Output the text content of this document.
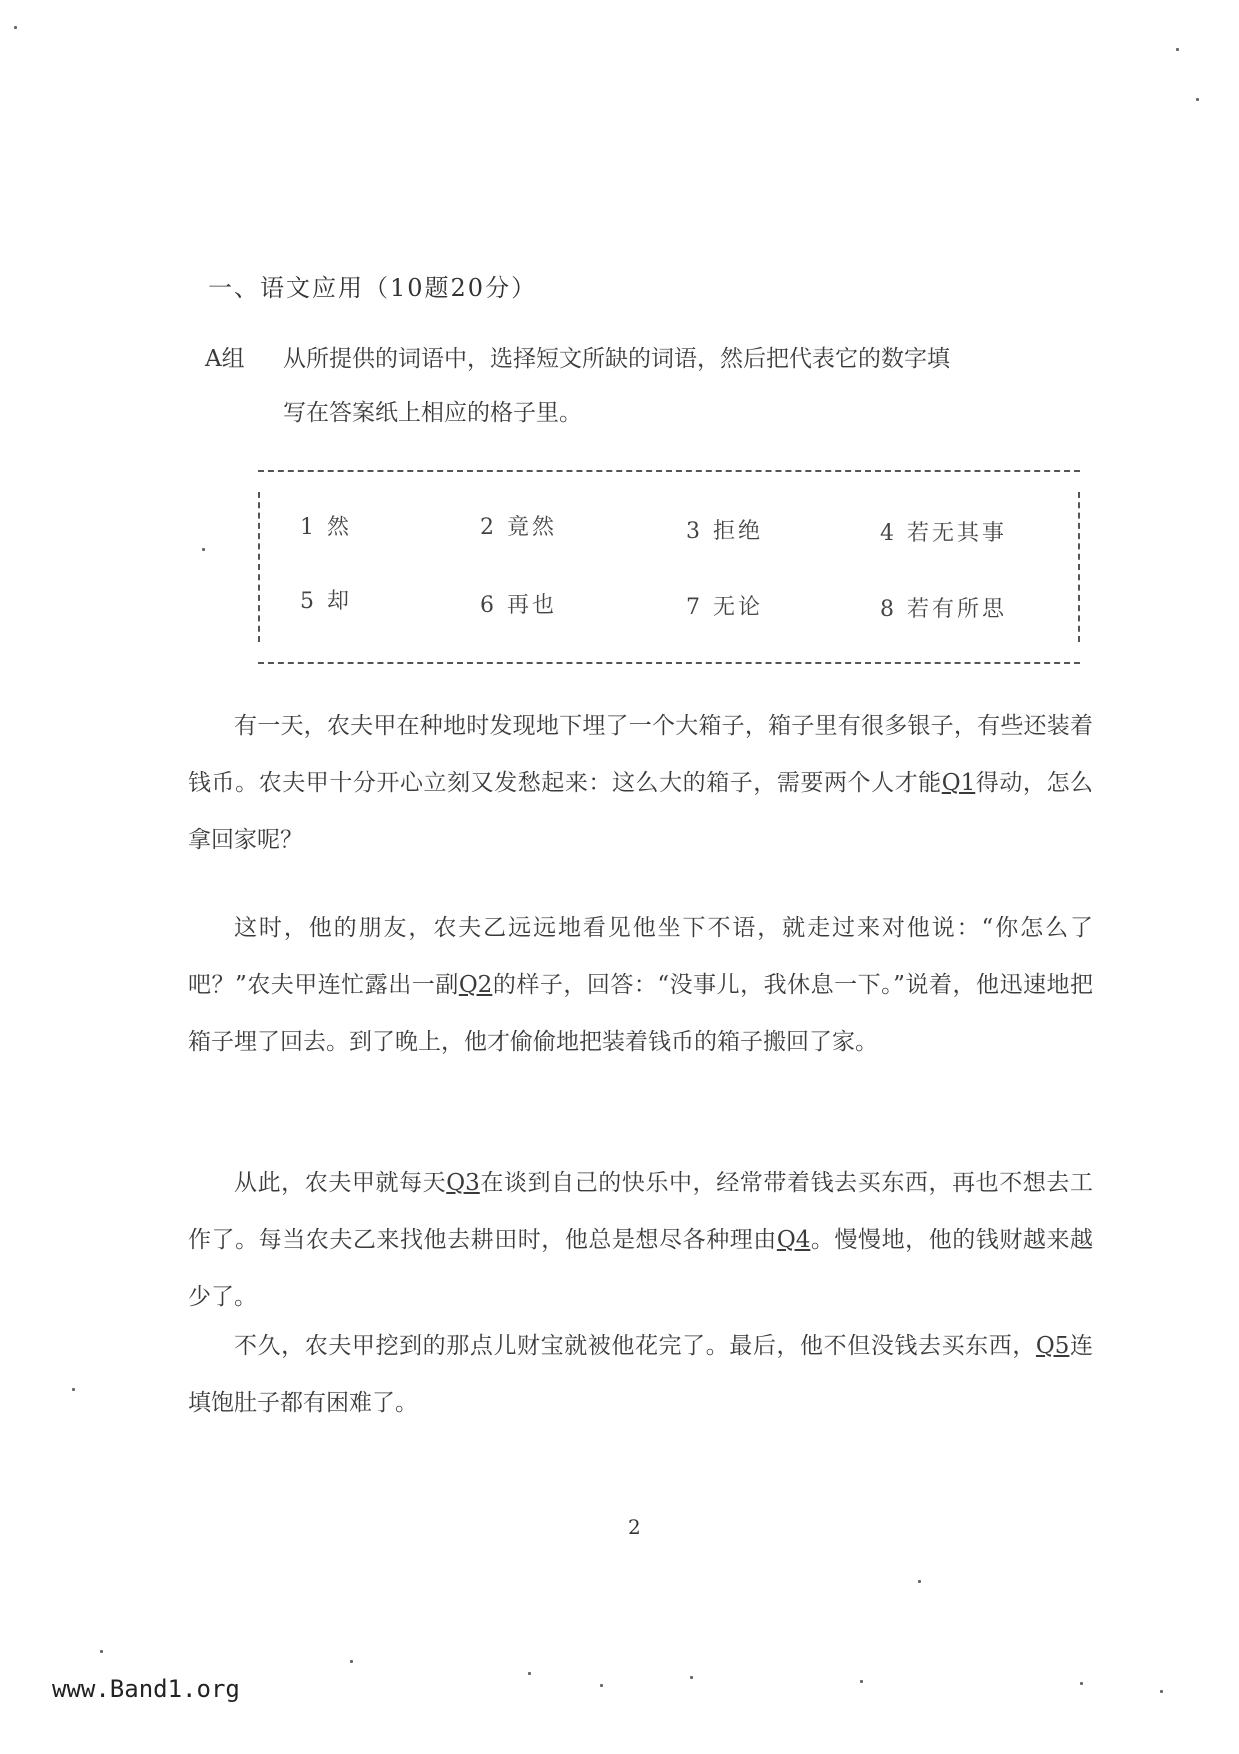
一、语文应用（10题20分）
A组 从所提供的词语中，选择短文所缺的词语，然后把代表它的数字填
写在答案纸上相应的格子里。
1 然	2 竟然	3 拒绝	4 若无其事
5 却	6 再也	7 无论	8 若有所思

有一天，农夫甲在种地时发现地下埋了一个大箱子，箱子里有很多银子，有些还装着钱币。农夫甲十分开心立刻又发愁起来：这么大的箱子，需要两个人才能Q1得动，怎么拿回家呢？

这时，他的朋友，农夫乙远远地看见他坐下不语，就走过来对他说：“你怎么了吧？”农夫甲连忙露出一副Q2的样子，回答：“没事儿，我休息一下。”说着，他迅速地把箱子埋了回去。到了晚上，他才偷偷地把装着钱币的箱子搬回了家。

从此，农夫甲就每天Q3在谈到自己的快乐中，经常带着钱去买东西，再也不想去工作了。每当农夫乙来找他去耕田时，他总是想尽各种理由Q4。慢慢地，他的钱财越来越少了。

不久，农夫甲挖到的那点儿财宝就被他花完了。最后，他不但没钱去买东西，Q5连填饱肚子都有困难了。

2
www.Band1.org
